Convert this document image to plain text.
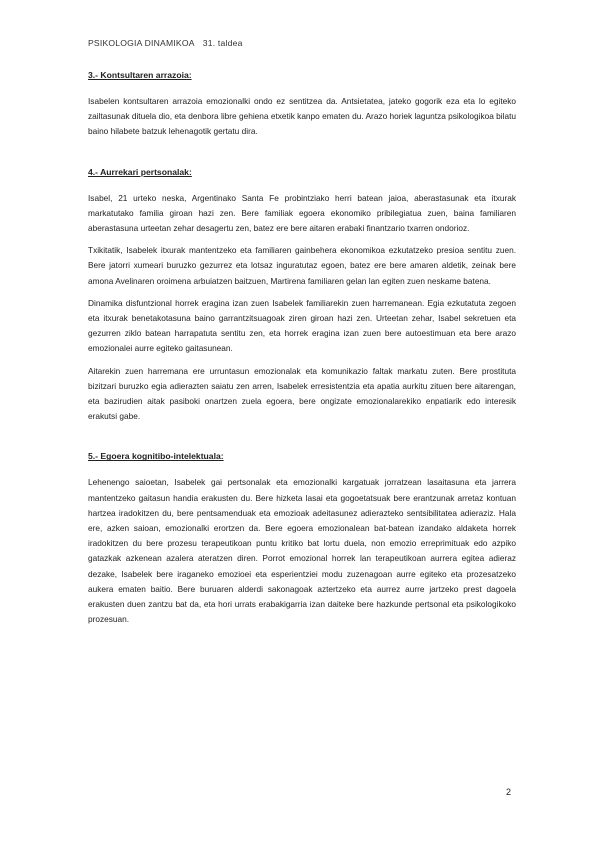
PSIKOLOGIA DINAMIKOA 31. taldea

3.- Kontsultaren arrazoia:

Isabelen kontsultaren arrazoia emozionalki ondo ez sentitzea da. Antsietatea, jateko gogorik eza eta lo egiteko zailtasunak dituela dio, eta denbora libre gehiena etxetik kanpo ematen du. Arazo horiek laguntza psikologikoa bilatu baino hilabete batzuk lehenagotik gertatu dira.

4.- Aurrekari pertsonalak:

Isabel, 21 urteko neska, Argentinako Santa Fe probintziako herri batean jaioa, aberastasunak eta itxurak markatutako familia giroan hazi zen. Bere familiak egoera ekonomiko pribilegiatua zuen, baina familiaren aberastasuna urteetan zehar desagertu zen, batez ere bere aitaren erabaki finantzario txarren ondorioz.

Txikitatik, Isabelek itxurak mantentzeko eta familiaren gainbehera ekonomikoa ezkutatzeko presioa sentitu zuen. Bere jatorri xumeari buruzko gezurrez eta lotsaz inguratutaz egoen, batez ere bere amaren aldetik, zeinak bere amona Avelinaren oroimena arbuiatzen baitzuen, Martirena familiaren gelan lan egiten zuen neskame batena.

Dinamika disfuntzional horrek eragina izan zuen Isabelek familiarekin zuen harremanean. Egia ezkutatuta zegoen eta itxurak benetakotasuna baino garrantzitsuagoak ziren giroan hazi zen. Urteetan zehar, Isabel sekretuen eta gezurren ziklo batean harrapatuta sentitu zen, eta horrek eragina izan zuen bere autoestimuan eta bere arazo emozionalei aurre egiteko gaitasunean.

Aitarekin zuen harremana ere urruntasun emozionalak eta komunikazio faltak markatu zuten. Bere prostituta bizitzari buruzko egia adierazten saiatu zen arren, Isabelek erresistentzia eta apatia aurkitu zituen bere aitarengan, eta bazirudien aitak pasiboki onartzen zuela egoera, bere ongizate emozionalarekiko enpatiarik edo interesik erakutsi gabe.

5.- Egoera kognitibo-intelektuala:

Lehenengo saioetan, Isabelek gai pertsonalak eta emozionalki kargatuak jorratzean lasaitasuna eta jarrera mantentzeko gaitasun handia erakusten du. Bere hizketa lasai eta gogoetatsuak bere erantzunak arretaz kontuan hartzea iradokitzen du, bere pentsamenduak eta emozioak adeitasunez adierazteko sentsibilitatea adieraziz. Hala ere, azken saioan, emozionalki erortzen da. Bere egoera emozionalean bat-batean izandako aldaketa horrek iradokitzen du bere prozesu terapeutikoan puntu kritiko bat lortu duela, non emozio erreprimituak edo azpiko gatazkak azkenean azalera ateratzen diren. Porrot emozional horrek lan terapeutikoan aurrera egitea adieraz dezake, Isabelek bere iraganeko emozioei eta esperientziei modu zuzenagoan aurre egiteko eta prozesatzeko aukera ematen baitio. Bere buruaren alderdi sakonagoak aztertzeko eta aurrez aurre jartzeko prest dagoela erakusten duen zantzu bat da, eta hori urrats erabakigarria izan daiteke bere hazkunde pertsonal eta psikologikoko prozesuan.

2
